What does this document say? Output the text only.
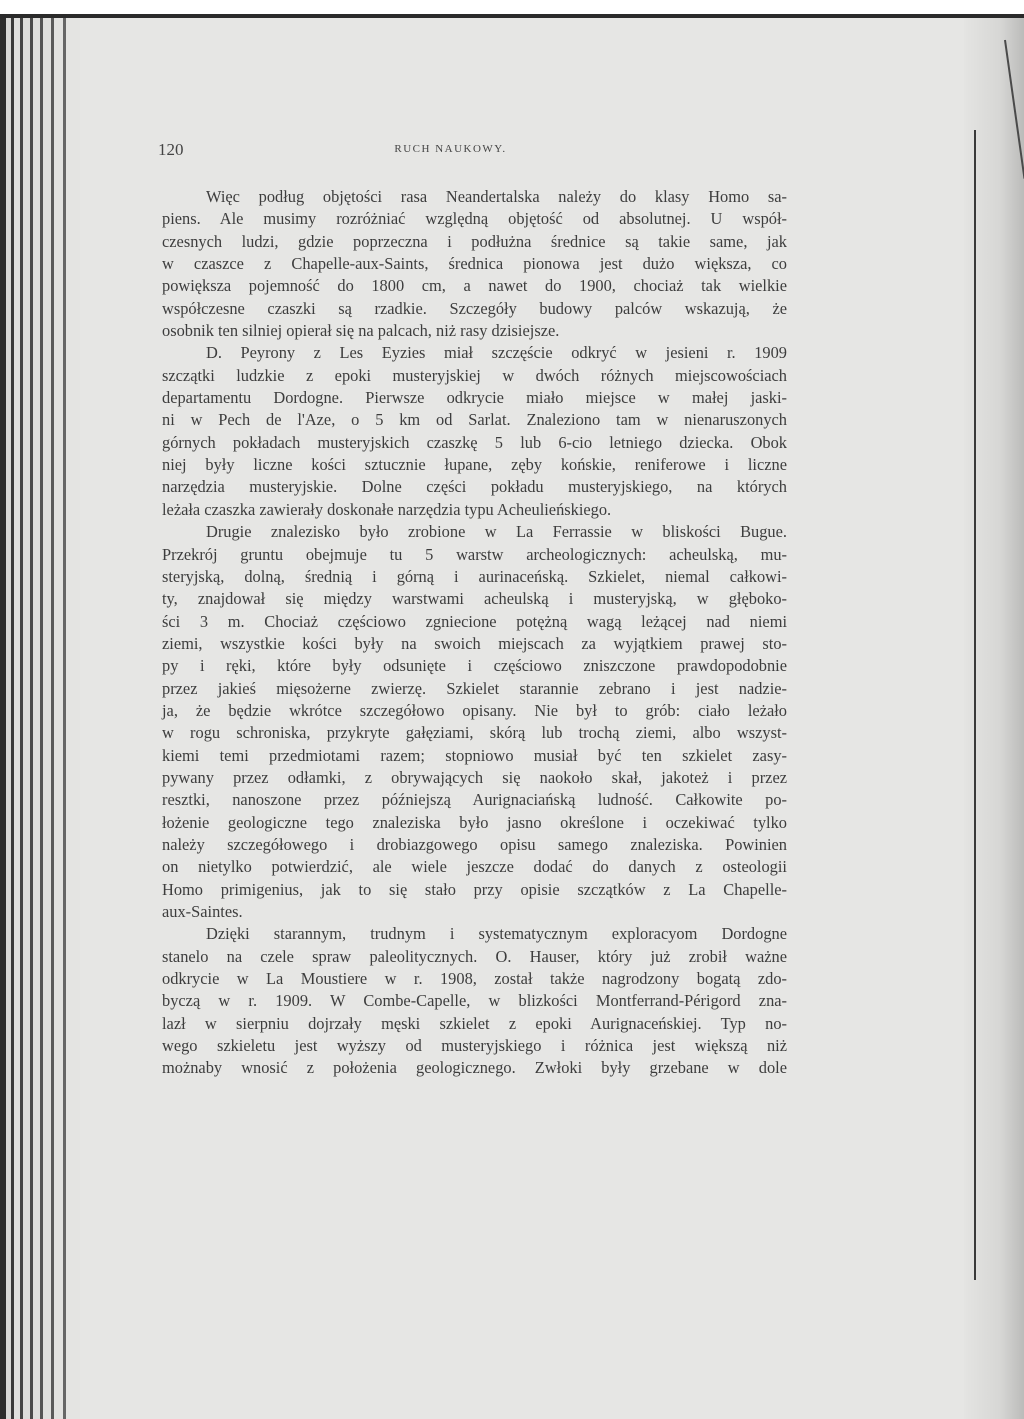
120	RUCH NAUKOWY.
Więc podług objętości rasa Neandertalska należy do klasy Homo sa-
piens. Ale musimy rozróżniać względną objętość od absolutnej. U współ-
czesnych ludzi, gdzie poprzeczna i podłużna średnice są takie same, jak
w czaszce z Chapelle-aux-Saints, średnica pionowa jest dużo większa, co
powiększa pojemność do 1800 cm, a nawet do 1900, chociaż tak wielkie
współczesne czaszki są rzadkie. Szczegóły budowy palców wskazują, że
osobnik ten silniej opierał się na palcach, niż rasy dzisiejsze.
D. Peyrony z Les Eyzies miał szczęście odkryć w jesieni r. 1909
szczątki ludzkie z epoki musteryjskiej w dwóch różnych miejscowościach
departamentu Dordogne. Pierwsze odkrycie miało miejsce w małej jaski-
ni w Pech de l'Aze, o 5 km od Sarlat. Znaleziono tam w nienaruszonych
górnych pokładach musteryjskich czaszkę 5 lub 6-cio letniego dziecka. Obok
niej były liczne kości sztucznie łupane, zęby końskie, reniferowe i liczne
narzędzia musteryjskie. Dolne części pokładu musteryjskiego, na których
leżała czaszka zawierały doskonałe narzędzia typu Acheulieńskiego.
Drugie znalezisko było zrobione w La Ferrassie w bliskości Bugue.
Przekrój gruntu obejmuje tu 5 warstw archeologicznych: acheulską, mu-
steryjską, dolną, średnią i górną i aurinaceńską. Szkielet, niemal całkowi-
ty, znajdował się między warstwami acheulską i musteryjską, w głęboko-
ści 3 m. Chociaż częściowo zgniecione potężną wagą leżącej nad niemi
ziemi, wszystkie kości były na swoich miejscach za wyjątkiem prawej sto-
py i ręki, które były odsunięte i częściowo zniszczone prawdopodobnie
przez jakieś mięsożerne zwierzę. Szkielet starannie zebrano i jest nadzie-
ja, że będzie wkrótce szczegółowo opisany. Nie był to grób: ciało leżało
w rogu schroniska, przykryte gałęziami, skórą lub trochą ziemi, albo wszyst-
kiemi temi przedmiotami razem; stopniowo musiał być ten szkielet zasy-
pywany przez odłamki, z obrywających się naokoło skał, jakoteż i przez
resztki, nanoszone przez późniejszą Aurignaciańską ludność. Całkowite po-
łożenie geologiczne tego znaleziska było jasno określone i oczekiwać tylko
należy szczegółowego i drobiazgowego opisu samego znaleziska. Powinien
on nietylko potwierdzić, ale wiele jeszcze dodać do danych z osteologii
Homo primigenius, jak to się stało przy opisie szczątków z La Chapelle-
aux-Saintes.
Dzięki starannym, trudnym i systematycznym exploracyom Dordogne
stanelo na czele spraw paleolitycznych. O. Hauser, który już zrobił ważne
odkrycie w La Moustiere w r. 1908, został także nagrodzony bogatą zdo-
byczą w r. 1909. W Combe-Capelle, w blizkości Montferrand-Périgord zna-
lazł w sierpniu dojrzały męski szkielet z epoki Aurignaceńskiej. Typ no-
wego szkieletu jest wyższy od musteryjskiego i różnica jest większą niż
możnaby wnosić z położenia geologicznego. Zwłoki były grzebane w dole
